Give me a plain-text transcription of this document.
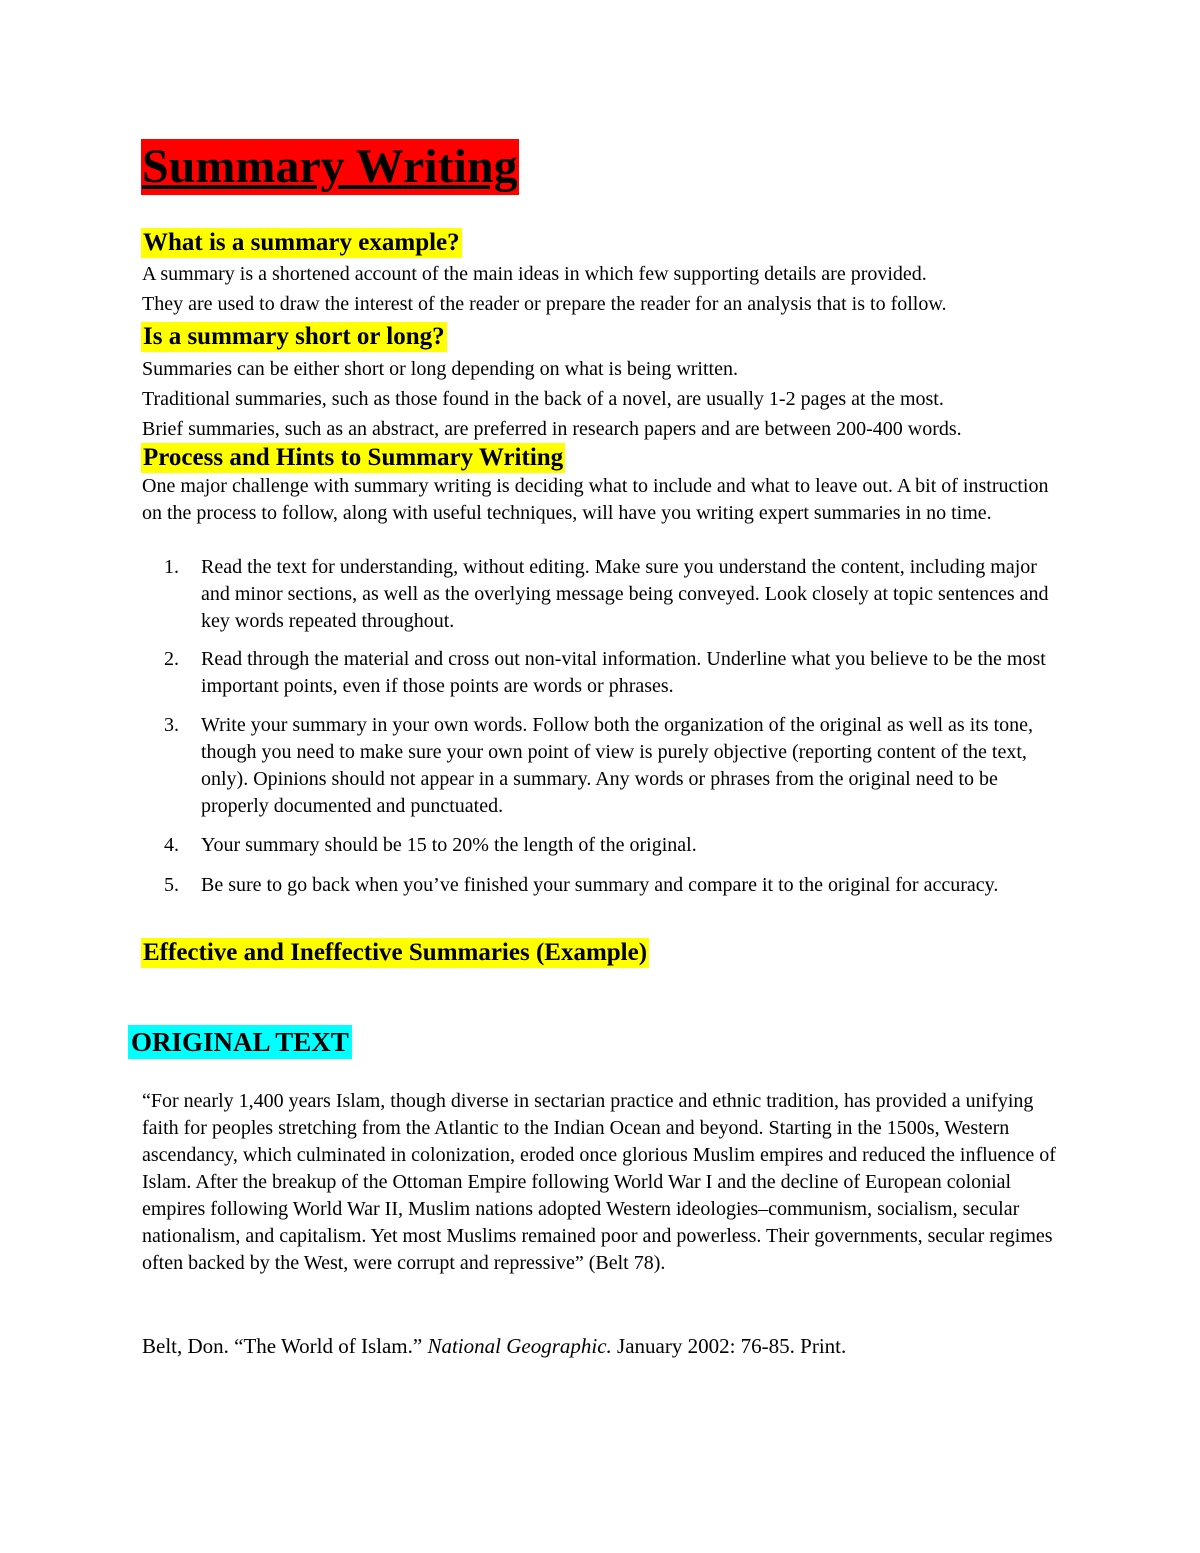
Summary Writing
What is a summary example?
A summary is a shortened account of the main ideas in which few supporting details are provided.
They are used to draw the interest of the reader or prepare the reader for an analysis that is to follow.
Is a summary short or long?
Summaries can be either short or long depending on what is being written.
Traditional summaries, such as those found in the back of a novel, are usually 1-2 pages at the most.
Brief summaries, such as an abstract, are preferred in research papers and are between 200-400 words.
Process and Hints to Summary Writing
One major challenge with summary writing is deciding what to include and what to leave out. A bit of instruction on the process to follow, along with useful techniques, will have you writing expert summaries in no time.
1. Read the text for understanding, without editing. Make sure you understand the content, including major and minor sections, as well as the overlying message being conveyed. Look closely at topic sentences and key words repeated throughout.
2. Read through the material and cross out non-vital information. Underline what you believe to be the most important points, even if those points are words or phrases.
3. Write your summary in your own words. Follow both the organization of the original as well as its tone, though you need to make sure your own point of view is purely objective (reporting content of the text, only). Opinions should not appear in a summary. Any words or phrases from the original need to be properly documented and punctuated.
4. Your summary should be 15 to 20% the length of the original.
5. Be sure to go back when you’ve finished your summary and compare it to the original for accuracy.
Effective and Ineffective Summaries (Example)
ORIGINAL TEXT
“For nearly 1,400 years Islam, though diverse in sectarian practice and ethnic tradition, has provided a unifying faith for peoples stretching from the Atlantic to the Indian Ocean and beyond. Starting in the 1500s, Western ascendancy, which culminated in colonization, eroded once glorious Muslim empires and reduced the influence of Islam. After the breakup of the Ottoman Empire following World War I and the decline of European colonial empires following World War II, Muslim nations adopted Western ideologies–communism, socialism, secular nationalism, and capitalism. Yet most Muslims remained poor and powerless. Their governments, secular regimes often backed by the West, were corrupt and repressive” (Belt 78).
Belt, Don. “The World of Islam.” National Geographic. January 2002: 76-85. Print.
